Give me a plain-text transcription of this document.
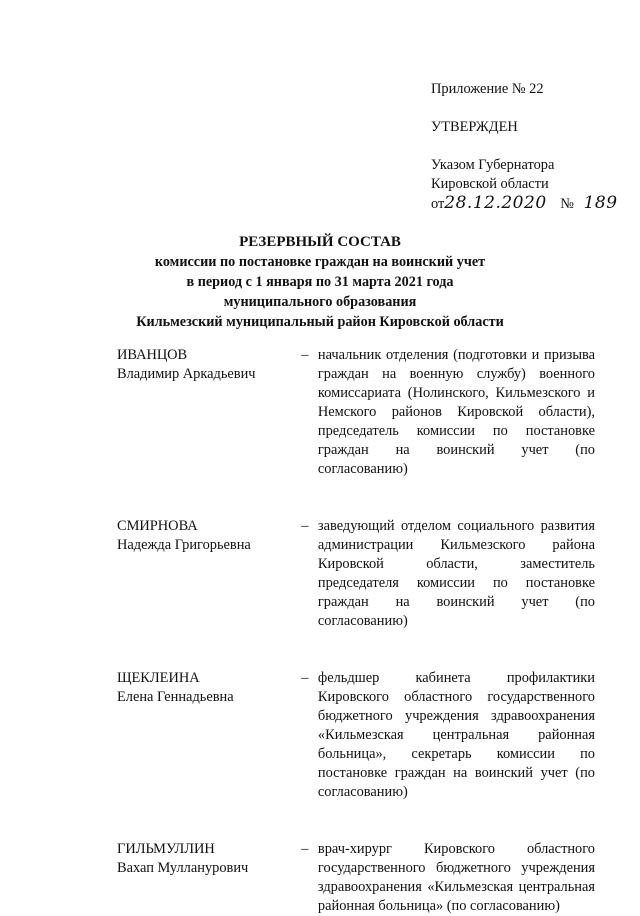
Приложение № 22
УТВЕРЖДЕН
Указом Губернатора
Кировской области
от28.12.2020 № 189
РЕЗЕРВНЫЙ СОСТАВ
комиссии по постановке граждан на воинский учет
в период с 1 января по 31 марта 2021 года
муниципального образования
Кильмезский муниципальный район Кировской области
ИВАНЦОВ
Владимир Аркадьевич
– начальник отделения (подготовки и призыва граждан на военную службу) военного комиссариата (Нолинского, Кильмезского и Немского районов Кировской области), председатель комиссии по постановке граждан на воинский учет (по согласованию)
СМИРНОВА
Надежда Григорьевна
– заведующий отделом социального развития администрации Кильмезского района Кировской области, заместитель председателя комиссии по постановке граждан на воинский учет (по согласованию)
ЩЕКЛЕИНА
Елена Геннадьевна
– фельдшер кабинета профилактики Кировского областного государственного бюджетного учреждения здравоохранения «Кильмезская центральная районная больница», секретарь комиссии по постановке граждан на воинский учет (по согласованию)
ГИЛЬМУЛЛИН
Вахап Мулланурович
– врач-хирург Кировского областного государственного бюджетного учреждения здравоохранения «Кильмезская центральная районная больница» (по согласованию)
